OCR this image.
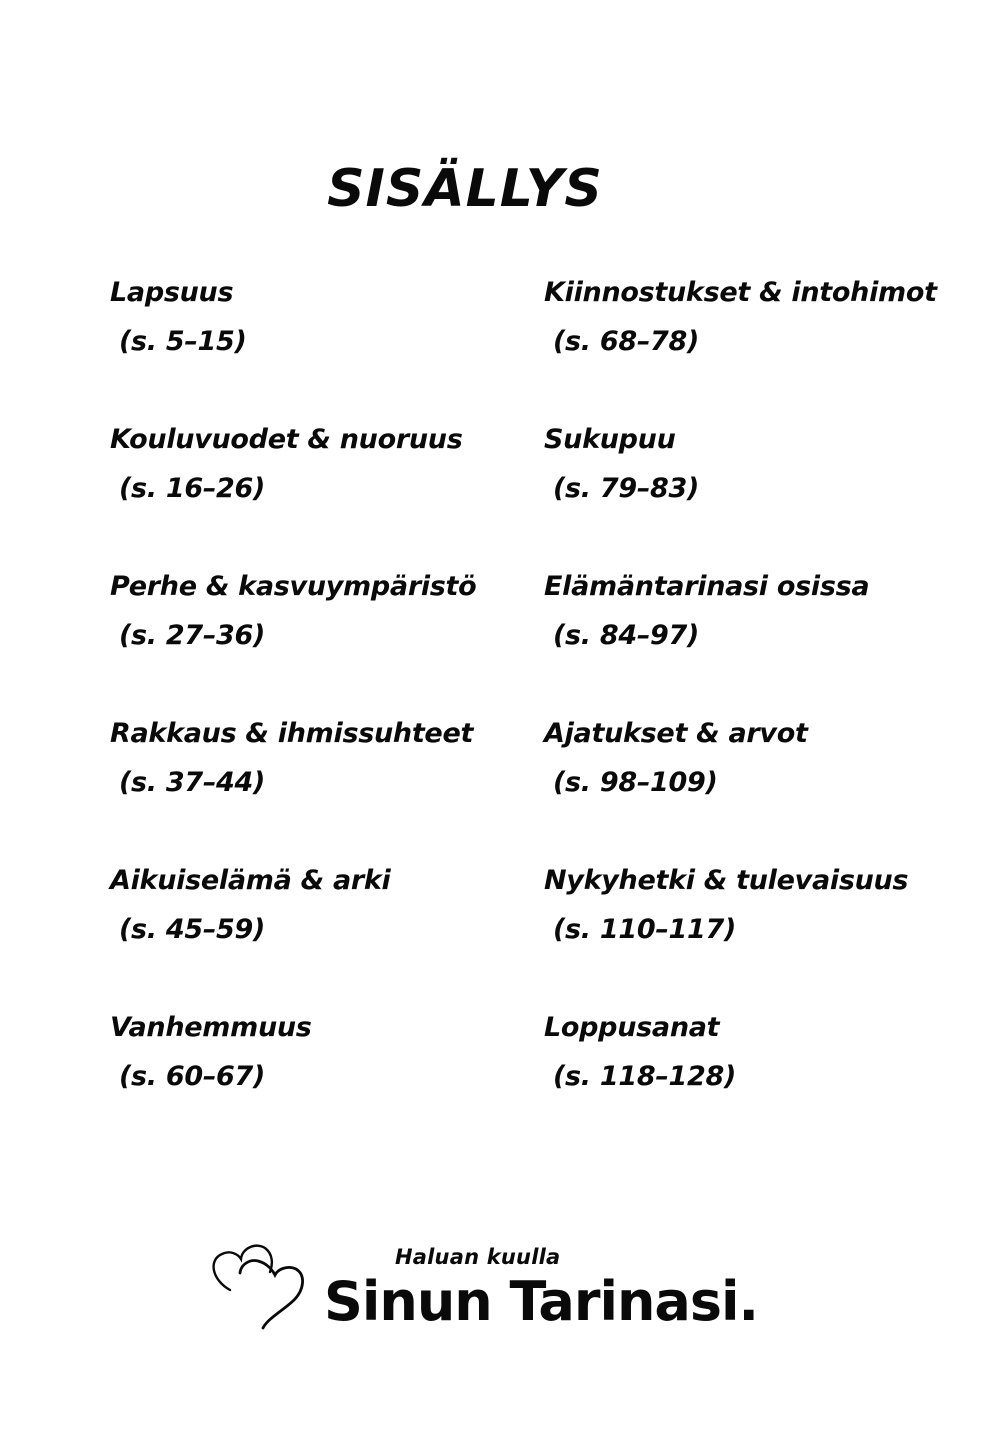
SISÄLLYS
Lapsuus
(s. 5–15)
Kouluvuodet & nuoruus
(s. 16–26)
Perhe & kasvuympäristö
(s. 27–36)
Rakkaus & ihmissuhteet
(s. 37–44)
Aikuiselämä & arki
(s. 45–59)
Vanhemmuus
(s. 60–67)
Kiinnostukset & intohimot
(s. 68–78)
Sukupuu
(s. 79–83)
Elämäntarinasi osissa
(s. 84–97)
Ajatukset & arvot
(s. 98–109)
Nykyhetki & tulevaisuus
(s. 110–117)
Loppusanat
(s. 118–128)
Haluan kuulla
Sinun Tarinasi.
